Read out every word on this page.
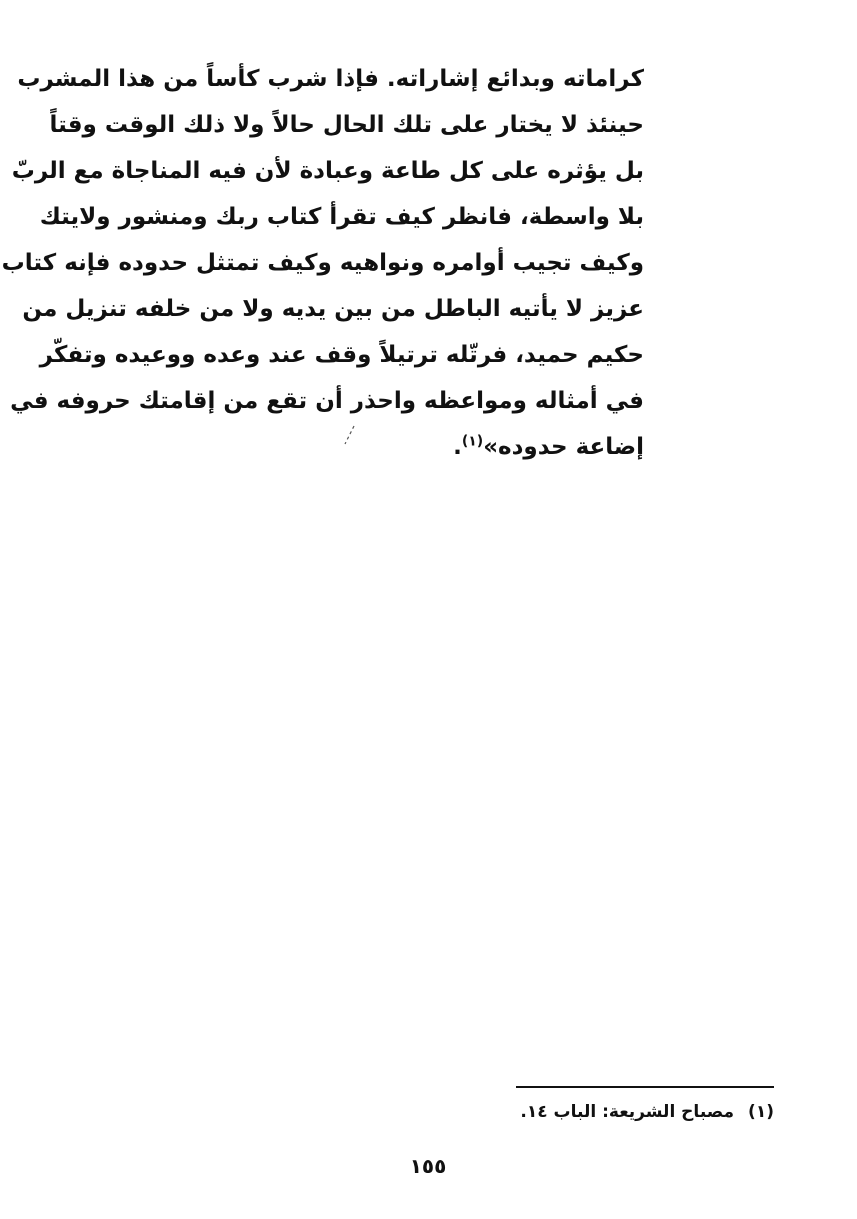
كراماته وبدائع إشاراته. فإذا شرب كأساً من هذا المشرب
حينئذ لا يختار على تلك الحال حالاً ولا ذلك الوقت وقتاً
بل يؤثره على كل طاعة وعبادة لأن فيه المناجاة مع الربّ
بلا واسطة، فانظر كيف تقرأ كتاب ربك ومنشور ولايتك
وكيف تجيب أوامره ونواهيه وكيف تمتثل حدوده فإنه كتاب
عزيز لا يأتيه الباطل من بين يديه ولا من خلفه تنزيل من
حكيم حميد، فرتّله ترتيلاً وقف عند وعده ووعيده وتفكّر
في أمثاله ومواعظه واحذر أن تقع من إقامتك حروفه في
إضاعة حدوده»$^{(١)}$.
(١)مصباح الشريعة: الباب ١٤.
١٥٥
